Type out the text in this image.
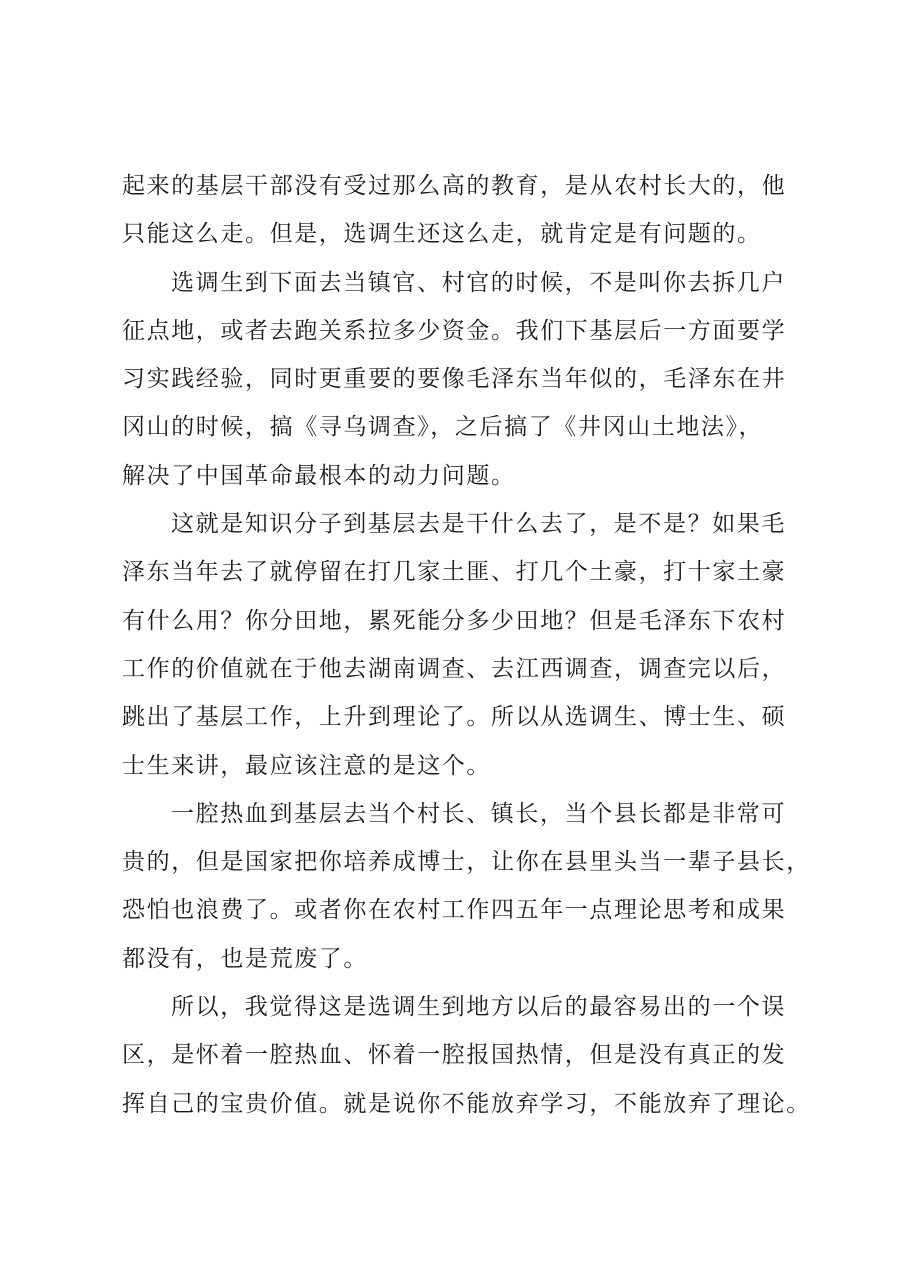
起来的基层干部没有受过那么高的教育，是从农村长大的，他
只能这么走。但是，选调生还这么走，就肯定是有问题的。
选调生到下面去当镇官、村官的时候，不是叫你去拆几户
征点地，或者去跑关系拉多少资金。我们下基层后一方面要学
习实践经验，同时更重要的要像毛泽东当年似的，毛泽东在井
冈山的时候，搞《寻乌调查》，之后搞了《井冈山土地法》，
解决了中国革命最根本的动力问题。
这就是知识分子到基层去是干什么去了，是不是？如果毛
泽东当年去了就停留在打几家土匪、打几个土豪，打十家土豪
有什么用？你分田地，累死能分多少田地？但是毛泽东下农村
工作的价值就在于他去湖南调查、去江西调查，调查完以后，
跳出了基层工作，上升到理论了。所以从选调生、博士生、硕
士生来讲，最应该注意的是这个。
一腔热血到基层去当个村长、镇长，当个县长都是非常可
贵的，但是国家把你培养成博士，让你在县里头当一辈子县长，
恐怕也浪费了。或者你在农村工作四五年一点理论思考和成果
都没有，也是荒废了。
所以，我觉得这是选调生到地方以后的最容易出的一个误
区，是怀着一腔热血、怀着一腔报国热情，但是没有真正的发
挥自己的宝贵价值。就是说你不能放弃学习，不能放弃了理论。
